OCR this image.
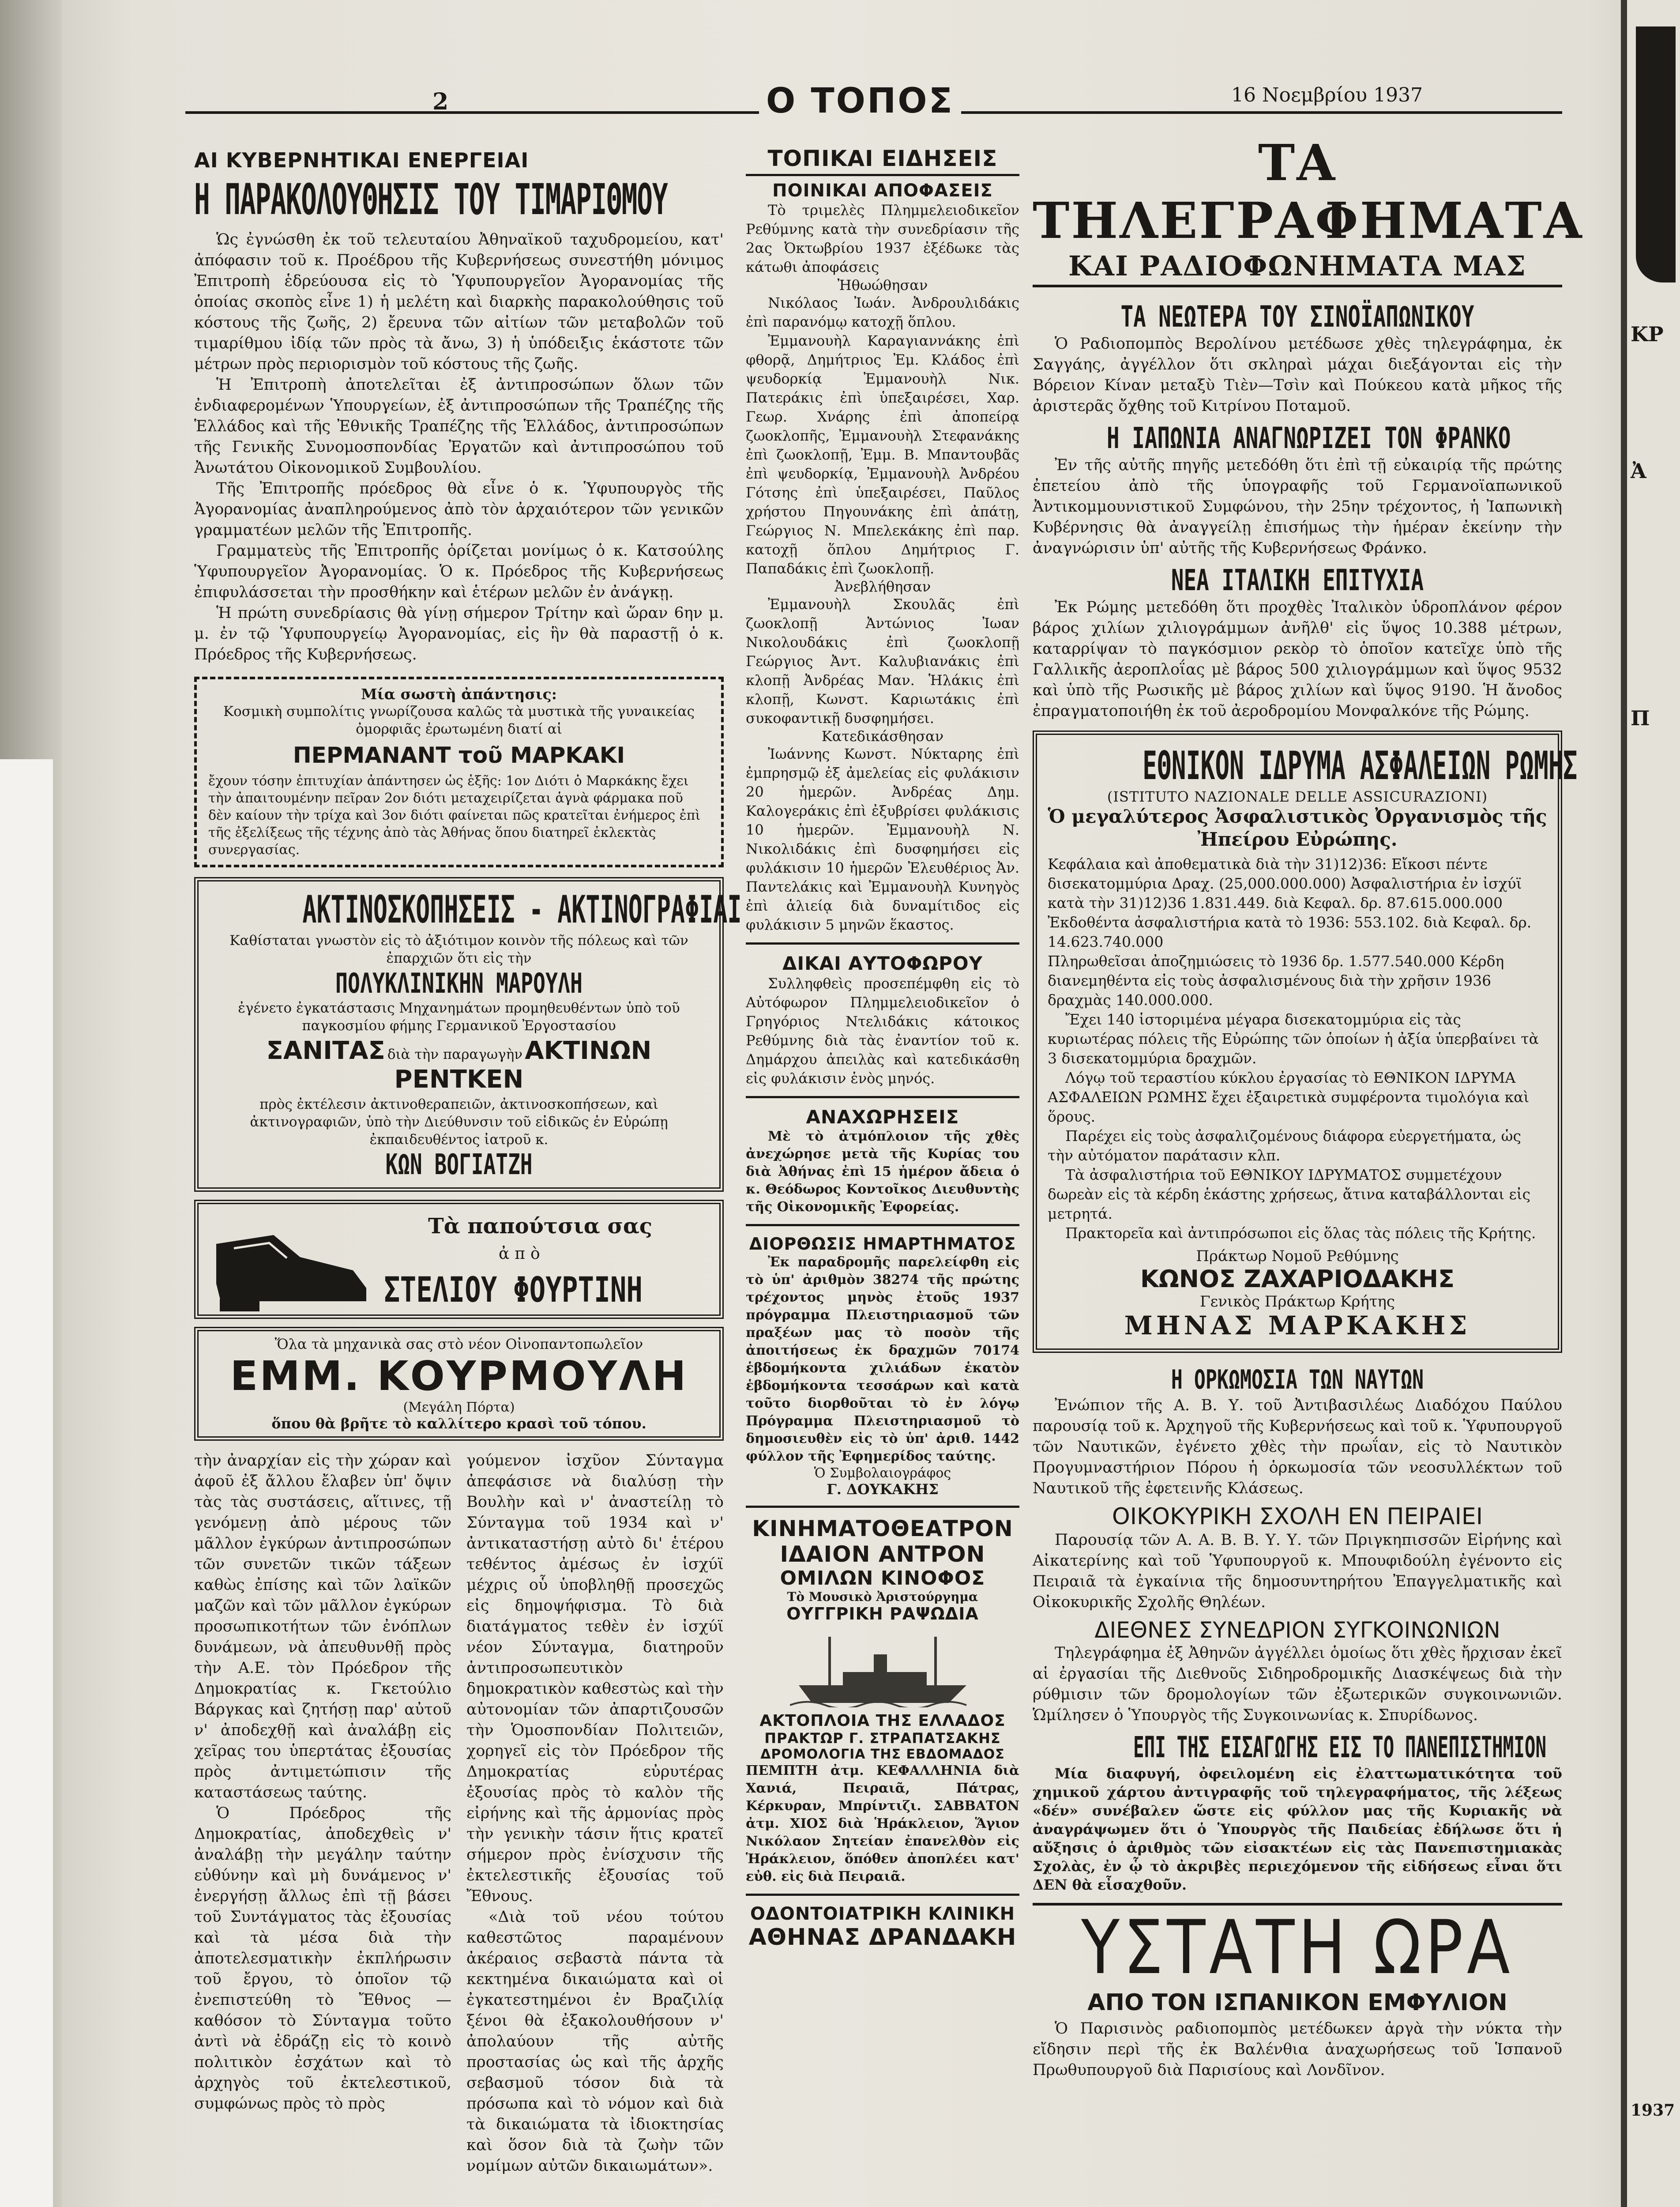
ΚΡ
Ἀ
Π
1937
2	Ο ΤΟΠΟΣ	16 Νοεμβρίου 1937
ΑΙ ΚΥΒΕΡΝΗΤΙΚΑΙ ΕΝΕΡΓΕΙΑΙ
Η ΠΑΡΑΚΟΛΟΥΘΗΣΙΣ ΤΟΥ ΤΙΜΑΡΙΘΜΟΥ

Ὡς ἐγνώσθη ἐκ τοῦ τελευταίου Ἀθηναϊκοῦ ταχυδρομείου, κατ' ἀπόφασιν τοῦ κ. Προέδρου τῆς Κυβερνήσεως συνεστήθη μόνιμος Ἐπιτροπὴ ἑδρεύουσα εἰς τὸ Ὑφυπουργεῖον Ἀγορανομίας τῆς ὁποίας σκοπὸς εἶνε 1) ἡ μελέτη καὶ διαρκὴς παρακολούθησις τοῦ κόστους τῆς ζωῆς, 2) ἔρευνα τῶν αἰτίων τῶν μεταβολῶν τοῦ τιμαρίθμου ἰδίᾳ τῶν πρὸς τὰ ἄνω, 3) ἡ ὑπόδειξις ἑκάστοτε τῶν μέτρων πρὸς περιορισμὸν τοῦ κόστους τῆς ζωῆς.

Ἡ Ἐπιτροπὴ ἀποτελεῖται ἐξ ἀντιπροσώπων ὅλων τῶν ἐνδιαφερομένων Ὑπουργείων, ἐξ ἀντιπροσώπων τῆς Τραπέζης τῆς Ἑλλάδος καὶ τῆς Ἐθνικῆς Τραπέζης τῆς Ἑλλάδος, ἀντιπροσώπων τῆς Γενικῆς Συνομοσπονδίας Ἐργατῶν καὶ ἀντιπροσώπου τοῦ Ἀνωτάτου Οἰκονομικοῦ Συμβουλίου.

Τῆς Ἐπιτροπῆς πρόεδρος θὰ εἶνε ὁ κ. Ὑφυπουργὸς τῆς Ἀγορανομίας ἀναπληρούμενος ἀπὸ τὸν ἀρχαιότερον τῶν γενικῶν γραμματέων μελῶν τῆς Ἐπιτροπῆς.

Γραμματεὺς τῆς Ἐπιτροπῆς ὁρίζεται μονίμως ὁ κ. Κατσούλης Ὑφυπουργεῖον Ἀγορανομίας. Ὁ κ. Πρόεδρος τῆς Κυβερνήσεως ἐπιφυλάσσεται τὴν προσθήκην καὶ ἑτέρων μελῶν ἐν ἀνάγκῃ.

Ἡ πρώτη συνεδρίασις θὰ γίνῃ σήμερον Τρίτην καὶ ὥραν 6ην μ. μ. ἐν τῷ Ὑφυπουργείῳ Ἀγορανομίας, εἰς ἣν θὰ παραστῇ ὁ κ. Πρόεδρος τῆς Κυβερνήσεως.

Μία σωστὴ ἀπάντησις:
Κοσμικὴ συμπολίτις γνωρίζουσα καλῶς τὰ μυστικὰ τῆς γυναικείας ὀμορφιᾶς ἐρωτωμένη διατί αἱ
ΠΕΡΜΑΝΑΝΤ τοῦ ΜΑΡΚΑΚΙ
ἔχουν τόσην ἐπιτυχίαν ἀπάντησεν ὡς ἑξῆς: 1ον Διότι ὁ Μαρκάκης ἔχει τὴν ἀπαιτουμένην πεῖραν 2ον διότι μεταχειρίζεται ἁγνὰ φάρμακα ποῦ δὲν καίουν τὴν τρίχα καὶ 3ον διότι φαίνεται πῶς κρατεῖται ἐνήμερος ἐπὶ τῆς ἐξελίξεως τῆς τέχνης ἀπὸ τὰς Ἀθήνας ὅπου διατηρεῖ ἐκλεκτὰς συνεργασίας.
ΑΚΤΙΝΟΣΚΟΠΗΣΕΙΣ - ΑΚΤΙΝΟΓΡΑΦΙΑΙ
Καθίσταται γνωστὸν εἰς τὸ ἀξιότιμον κοινὸν τῆς πόλεως καὶ τῶν ἐπαρχιῶν ὅτι εἰς τὴν
ΠΟΛΥΚΛΙΝΙΚΗΝ ΜΑΡΟΥΛΗ
ἐγένετο ἐγκατάστασις Μηχανημάτων προμηθευθέντων ὑπὸ τοῦ παγκοσμίου φήμης Γερμανικοῦ Ἐργοστασίου
ΣΑΝΙΤΑΣ διὰ τὴν παραγωγὴν ΑΚΤΙΝΩΝ ΡΕΝΤΚΕΝ
πρὸς ἐκτέλεσιν ἀκτινοθεραπειῶν, ἀκτινοσκοπήσεων, καὶ ἀκτινογραφιῶν, ὑπὸ τὴν Διεύθυνσιν τοῦ εἰδικῶς ἐν Εὐρώπῃ ἐκπαιδευθέντος ἰατροῦ κ.
ΚΩΝ ΒΟΓΙΑΤΖΗ
Τὰ παπούτσια σας
ἀπὸ
ΣΤΕΛΙΟΥ ΦΟΥΡΤΙΝΗ
Ὅλα τὰ μηχανικὰ σας στὸ νέον Οἰνοπαντοπωλεῖον
ΕΜΜ. ΚΟΥΡΜΟΥΛΗ
(Μεγάλη Πόρτα)
ὅπου θὰ βρῆτε τὸ καλλίτερο κρασὶ τοῦ τόπου.

τὴν ἀναρχίαν εἰς τὴν χώραν καὶ ἀφοῦ ἐξ ἄλλου ἔλαβεν ὑπ' ὄψιν τὰς τὰς συστάσεις, αἵτινες, τῇ γενόμενῃ ἀπὸ μέρους τῶν μᾶλλον ἐγκύρων ἀντιπροσώπων τῶν συνετῶν τικῶν τάξεων καθὼς ἐπίσης καὶ τῶν λαϊκῶν μαζῶν καὶ τῶν μᾶλλον ἐγκύρων προσωπικοτήτων τῶν ἐνόπλων δυνάμεων, νὰ ἀπευθυνθῇ πρὸς τὴν Α.Ε. τὸν Πρόεδρον τῆς Δημοκρατίας κ. Γκετούλιο Βάργκας καὶ ζητήσῃ παρ' αὐτοῦ ν' ἀποδεχθῇ καὶ ἀναλάβῃ εἰς χεῖρας του ὑπερτάτας ἐξουσίας πρὸς ἀντιμετώπισιν τῆς καταστάσεως ταύτης.

Ὁ Πρόεδρος τῆς Δημοκρατίας, ἀποδεχθεὶς ν' ἀναλάβῃ τὴν μεγάλην ταύτην εὐθύνην καὶ μὴ δυνάμενος ν' ἐνεργήσῃ ἄλλως ἐπὶ τῇ βάσει τοῦ Συντάγματος τὰς ἐξουσίας καὶ τὰ μέσα διὰ τὴν ἀποτελεσματικὴν ἐκπλήρωσιν τοῦ ἔργου, τὸ ὁποῖον τῷ ἐνεπιστεύθη τὸ Ἔθνος —καθόσον τὸ Σύνταγμα τοῦτο ἀντὶ νὰ ἐδράζῃ εἰς τὸ κοινὸ πολιτικὸν ἐσχάτων καὶ τὸ ἀρχηγὸς τοῦ ἐκτελεστικοῦ, συμφώνως πρὸς τὸ πρὸς

γούμενον ἰσχῦον Σύνταγμα ἀπεφάσισε νὰ διαλύσῃ τὴν Βουλὴν καὶ ν' ἀναστείλῃ τὸ Σύνταγμα τοῦ 1934 καὶ ν' ἀντικαταστήσῃ αὐτὸ δι' ἑτέρου τεθέντος ἀμέσως ἐν ἰσχύϊ μέχρις οὗ ὑποβληθῇ προσεχῶς εἰς δημοψήφισμα. Τὸ διὰ διατάγματος τεθὲν ἐν ἰσχύϊ νέον Σύνταγμα, διατηροῦν ἀντιπροσωπευτικὸν δημοκρατικὸν καθεστὼς καὶ τὴν αὐτονομίαν τῶν ἀπαρτιζουσῶν τὴν Ὁμοσπονδίαν Πολιτειῶν, χορηγεῖ εἰς τὸν Πρόεδρον τῆς Δημοκρατίας εὐρυτέρας ἐξουσίας πρὸς τὸ καλὸν τῆς εἰρήνης καὶ τῆς ἁρμονίας πρὸς τὴν γενικὴν τάσιν ἥτις κρατεῖ σήμερον πρὸς ἐνίσχυσιν τῆς ἐκτελεστικῆς ἐξουσίας τοῦ Ἔθνους.

«Διὰ τοῦ νέου τούτου καθεστῶτος παραμένουν ἀκέραιος σεβαστὰ πάντα τὰ κεκτημένα δικαιώματα καὶ οἱ ἐγκατεστημένοι ἐν Βραζιλίᾳ ξένοι θὰ ἐξακολουθήσουν ν' ἀπολαύουν τῆς αὐτῆς προστασίας ὡς καὶ τῆς ἀρχῆς σεβασμοῦ τόσον διὰ τὰ πρόσωπα καὶ τὸ νόμον καὶ διὰ τὰ δικαιώματα τὰ ἰδιοκτησίας καὶ ὅσον διὰ τὰ ζωὴν τῶν νομίμων αὐτῶν δικαιωμάτων».

ΤΟΠΙΚΑΙ ΕΙΔΗΣΕΙΣ
ΠΟΙΝΙΚΑΙ ΑΠΟΦΑΣΕΙΣ

Τὸ τριμελὲς Πλημμελειοδικεῖον Ρεθύμνης κατὰ τὴν συνεδρίασιν τῆς 2ας Ὀκτωβρίου 1937 ἐξέδωκε τὰς κάτωθι ἀποφάσεις

Ἠθωώθησαν

Νικόλαος Ἰωάν. Ἀνδρουλιδάκις ἐπὶ παρανόμῳ κατοχῇ ὅπλου.

Ἐμμανουὴλ Καραγιαννάκης ἐπὶ φθορᾷ, Δημήτριος Ἐμ. Κλάδος ἐπὶ ψευδορκίᾳ Ἐμμανουὴλ Νικ. Πατεράκις ἐπὶ ὑπεξαιρέσει, Χαρ. Γεωρ. Χνάρης ἐπὶ ἀποπείρᾳ ζωοκλοπῆς, Ἐμμανουὴλ Στεφανάκης ἐπὶ ζωοκλοπῇ, Ἐμμ. Β. Μπαντουβᾶς ἐπὶ ψευδορκίᾳ, Ἐμμανουὴλ Ἀνδρέου Γότσης ἐπὶ ὑπεξαιρέσει, Παῦλος χρήστου Πηγουνάκης ἐπὶ ἀπάτῃ, Γεώργιος Ν. Μπελεκάκης ἐπὶ παρ. κατοχῇ ὅπλου Δημήτριος Γ. Παπαδάκις ἐπὶ ζωοκλοπῇ.

Ἀνεβλήθησαν

Ἐμμανουὴλ Σκουλᾶς ἐπὶ ζωοκλοπῇ Ἀντώνιος Ἰωαν Νικολουδάκις ἐπὶ ζωοκλοπῇ Γεώργιος Ἀντ. Καλυβιανάκις ἐπὶ κλοπῇ Ἀνδρέας Μαν. Ἡλάκις ἐπὶ κλοπῇ, Κωνστ. Καριωτάκις ἐπὶ συκοφαντικῇ δυσφημήσει.

Κατεδικάσθησαν

Ἰωάννης Κωνστ. Νύκταρης ἐπὶ ἐμπρησμῷ ἐξ ἀμελείας εἰς φυλάκισιν 20 ἡμερῶν. Ἀνδρέας Δημ. Καλογεράκις ἐπὶ ἐξυβρίσει φυλάκισις 10 ἡμερῶν. Ἐμμανουὴλ Ν. Νικολιδάκις ἐπὶ δυσφημήσει εἰς φυλάκισιν 10 ἡμερῶν Ἐλευθέριος Ἀν. Παντελάκις καὶ Ἐμμανουὴλ Κυνηγὸς ἐπὶ ἁλιείᾳ διὰ δυναμίτιδος εἰς φυλάκισιν 5 μηνῶν ἕκαστος.

ΔΙΚΑΙ ΑΥΤΟΦΩΡΟΥ

Συλληφθεὶς προσεπέμφθη εἰς τὸ Αὐτόφωρον Πλημμελειοδικεῖον ὁ Γρηγόριος Ντελιδάκις κάτοικος Ρεθύμνης διὰ τὰς ἐναντίον τοῦ κ. Δημάρχου ἀπειλὰς καὶ κατεδικάσθη εἰς φυλάκισιν ἑνὸς μηνός.

ΑΝΑΧΩΡΗΣΕΙΣ

Μὲ τὸ ἀτμόπλοιον τῆς χθὲς ἀνεχώρησε μετὰ τῆς Κυρίας του διὰ Ἀθήνας ἐπὶ 15 ἡμέρον ἄδεια ὁ κ. Θεόδωρος Κοντοῖκος Διευθυντὴς τῆς Οἰκονομικῆς Ἐφορείας.

ΔΙΟΡΘΩΣΙΣ ΗΜΑΡΤΗΜΑΤΟΣ

Ἐκ παραδρομῆς παρελείφθη εἰς τὸ ὑπ' ἀριθμὸν 38274 τῆς πρώτης τρέχοντος μηνὸς ἐτοῦς 1937 πρόγραμμα Πλειστηριασμοῦ τῶν πραξέων μας τὸ ποσὸν τῆς ἀποιτήσεως ἐκ δραχμῶν 70174 ἑβδομήκοντα χιλιάδων ἑκατὸν ἑβδομήκοντα τεσσάρων καὶ κατὰ τοῦτο διορθοῦται τὸ ἐν λόγῳ Πρόγραμμα Πλειστηριασμοῦ τὸ δημοσιευθὲν εἰς τὸ ὑπ' ἀριθ. 1442 φύλλον τῆς Ἐφημερίδος ταύτης.

Ὁ Συμβολαιογράφος
Γ. ΔΟΥΚΑΚΗΣ
ΚΙΝΗΜΑΤΟΘΕΑΤΡΟΝ
ΙΔΑΙΟΝ ΑΝΤΡΟΝ
ΟΜΙΛΩΝ ΚΙΝΟΦΟΣ
Τὸ Μουσικὸ Ἀριστούργημα
ΟΥΓΓΡΙΚΗ ΡΑΨΩΔΙΑ
ΑΚΤΟΠΛΟΙΑ ΤΗΣ ΕΛΛΑΔΟΣ
ΠΡΑΚΤΩΡ Γ. ΣΤΡΑΠΑΤΣΑΚΗΣ
ΔΡΟΜΟΛΟΓΙΑ ΤΗΣ ΕΒΔΟΜΑΔΟΣ

ΠΕΜΠΤΗ ἀτμ. ΚΕΦΑΛΛΗΝΙΑ διὰ Χανιά, Πειραιᾶ, Πάτρας, Κέρκυραν, Μπρίντιζι. ΣΑΒΒΑΤΟΝ ἀτμ. ΧΙΟΣ διὰ Ἡράκλειον, Ἅγιον Νικόλαον Σητείαν ἐπανελθὸν εἰς Ἡράκλειον, ὅπόθεν ἀποπλέει κατ' εὐθ. εἰς διὰ Πειραιᾶ.

ΟΔΟΝΤΟΙΑΤΡΙΚΗ ΚΛΙΝΙΚΗ
ΑΘΗΝΑΣ ΔΡΑΝΔΑΚΗ
ΤΑ ΤΗΛΕΓΡΑΦΗΜΑΤΑ
ΚΑΙ ΡΑΔΙΟΦΩΝΗΜΑΤΑ ΜΑΣ
ΤΑ ΝΕΩΤΕΡΑ ΤΟΥ ΣΙΝΟΪΑΠΩΝΙΚΟΥ

Ὁ Ραδιοπομπὸς Βερολίνου μετέδωσε χθὲς τηλεγράφημα, ἐκ Σαγγάης, ἀγγέλλον ὅτι σκληραὶ μάχαι διεξάγονται εἰς τὴν Βόρειον Κίναν μεταξὺ Τιὲν—Τσὶν καὶ Πούκεου κατὰ μῆκος τῆς ἀριστερᾶς ὄχθης τοῦ Κιτρίνου Ποταμοῦ.

Η ΙΑΠΩΝΙΑ ΑΝΑΓΝΩΡΙΖΕΙ ΤΟΝ ΦΡΑΝΚΟ

Ἐν τῆς αὐτῆς πηγῆς μετεδόθη ὅτι ἐπὶ τῇ εὐκαιρίᾳ τῆς πρώτης ἐπετείου ἀπὸ τῆς ὑπογραφῆς τοῦ Γερμανοϊαπωνικοῦ Ἀντικομμουνιστικοῦ Συμφώνου, τὴν 25ην τρέχοντος, ἡ Ἰαπωνικὴ Κυβέρνησις θὰ ἀναγγείλῃ ἐπισήμως τὴν ἡμέραν ἐκείνην τὴν ἀναγνώρισιν ὑπ' αὐτῆς τῆς Κυβερνήσεως Φράνκο.

ΝΕΑ ΙΤΑΛΙΚΗ ΕΠΙΤΥΧΙΑ

Ἐκ Ρώμης μετεδόθη ὅτι προχθὲς Ἰταλικὸν ὑδροπλάνον φέρον βάρος χιλίων χιλιογράμμων ἀνῆλθ' εἰς ὕψος 10.388 μέτρων, καταρρίψαν τὸ παγκόσμιον ρεκὸρ τὸ ὁποῖον κατεῖχε ὑπὸ τῆς Γαλλικῆς ἀεροπλοΐας μὲ βάρος 500 χιλιογράμμων καὶ ὕψος 9532 καὶ ὑπὸ τῆς Ρωσικῆς μὲ βάρος χιλίων καὶ ὕψος 9190. Ἡ ἄνοδος ἐπραγματοποιήθη ἐκ τοῦ ἀεροδρομίου Μονφαλκόνε τῆς Ρώμης.

ΕΘΝΙΚΟΝ ΙΔΡΥΜΑ ΑΣΦΑΛΕΙΩΝ ΡΩΜΗΣ
(ISTITUTO NAZIONALE DELLE ASSICURAZIONI)
Ὁ μεγαλύτερος Ἀσφαλιστικὸς Ὀργανισμὸς τῆς Ἠπείρου Εὐρώπης.
Κεφάλαια καὶ ἀποθεματικὰ διὰ τὴν 31)12)36: Εἴκοσι πέντε δισεκατομμύρια Δραχ. (25,000.000.000) Ἀσφαλιστήρια ἐν ἰσχύϊ κατὰ τὴν 31)12)36 1.831.449. διὰ Κεφαλ. δρ. 87.615.000.000
Ἐκδοθέντα ἀσφαλιστήρια κατὰ τὸ 1936: 553.102. διὰ Κεφαλ. δρ. 14.623.740.000
Πληρωθεῖσαι ἀποζημιώσεις τὸ 1936 δρ. 1.577.540.000 Κέρδη διανεμηθέντα εἰς τοὺς ἀσφαλισμένους διὰ τὴν χρῆσιν 1936 δραχμὰς 140.000.000.
Ἔχει 140 ἱστοριμένα μέγαρα δισεκατομμύρια εἰς τὰς κυριωτέρας πόλεις τῆς Εὐρώπης τῶν ὁποίων ἡ ἀξία ὑπερβαίνει τὰ 3 δισεκατομμύρια δραχμῶν.
Λόγῳ τοῦ τεραστίου κύκλου ἐργασίας τὸ ΕΘΝΙΚΟΝ ΙΔΡΥΜΑ ΑΣΦΑΛΕΙΩΝ ΡΩΜΗΣ ἔχει ἐξαιρετικὰ συμφέροντα τιμολόγια καὶ ὅρους.
Παρέχει εἰς τοὺς ἀσφαλιζομένους διάφορα εὐεργετήματα, ὡς τὴν αὐτόματον παράτασιν κλπ.
Τὰ ἀσφαλιστήρια τοῦ ΕΘΝΙΚΟΥ ΙΔΡΥΜΑΤΟΣ συμμετέχουν δωρεὰν εἰς τὰ κέρδη ἑκάστης χρήσεως, ἄτινα καταβάλλονται εἰς μετρητά.
Πρακτορεῖα καὶ ἀντιπρόσωποι εἰς ὅλας τὰς πόλεις τῆς Κρήτης.
Πράκτωρ Νομοῦ Ρεθύμνης
ΚΩΝΟΣ ΖΑΧΑΡΙΟΔΑΚΗΣ
Γενικὸς Πράκτωρ Κρήτης
ΜΗΝΑΣ ΜΑΡΚΑΚΗΣ
Η ΟΡΚΩΜΟΣΙΑ ΤΩΝ ΝΑΥΤΩΝ

Ἐνώπιον τῆς Α. Β. Υ. τοῦ Ἀντιβασιλέως Διαδόχου Παύλου παρουσίᾳ τοῦ κ. Ἀρχηγοῦ τῆς Κυβερνήσεως καὶ τοῦ κ. Ὑφυπουργοῦ τῶν Ναυτικῶν, ἐγένετο χθὲς τὴν πρωΐαν, εἰς τὸ Ναυτικὸν Προγυμναστήριον Πόρου ἡ ὁρκωμοσία τῶν νεοσυλλέκτων τοῦ Ναυτικοῦ τῆς ἐφετεινῆς Κλάσεως.

ΟΙΚΟΚΥΡΙΚΗ ΣΧΟΛΗ ΕΝ ΠΕΙΡΑΙΕΙ

Παρουσίᾳ τῶν Α. Α. Β. Β. Υ. Υ. τῶν Πριγκηπισσῶν Εἰρήνης καὶ Αἰκατερίνης καὶ τοῦ Ὑφυπουργοῦ κ. Μπουφιδούλη ἐγένοντο εἰς Πειραιᾶ τὰ ἐγκαίνια τῆς δημοσυντηρήτου Ἐπαγγελματικῆς καὶ Οἰκοκυρικῆς Σχολῆς Θηλέων.

ΔΙΕΘΝΕΣ ΣΥΝΕΔΡΙΟΝ ΣΥΓΚΟΙΝΩΝΙΩΝ

Τηλεγράφημα ἐξ Ἀθηνῶν ἀγγέλλει ὁμοίως ὅτι χθὲς ἤρχισαν ἐκεῖ αἱ ἐργασίαι τῆς Διεθνοῦς Σιδηροδρομικῆς Διασκέψεως διὰ τὴν ρύθμισιν τῶν δρομολογίων τῶν ἐξωτερικῶν συγκοινωνιῶν. Ὡμίλησεν ὁ Ὑπουργὸς τῆς Συγκοινωνίας κ. Σπυρίδωνος.

ΕΠΙ ΤΗΣ ΕΙΣΑΓΩΓΗΣ ΕΙΣ ΤΟ ΠΑΝΕΠΙΣΤΗΜΙΟΝ

Μία διαφυγή, ὀφειλομένη εἰς ἐλαττωματικότητα τοῦ χημικοῦ χάρτου ἀντιγραφῆς τοῦ τηλεγραφήματος, τῆς λέξεως «δέν» συνέβαλεν ὥστε εἰς φύλλον μας τῆς Κυριακῆς νὰ ἀναγράψωμεν ὅτι ὁ Ὑπουργὸς τῆς Παιδείας ἐδήλωσε ὅτι ἡ αὔξησις ὁ ἀριθμὸς τῶν εἰσακτέων εἰς τὰς Πανεπιστημιακὰς Σχολὰς, ἐν ᾧ τὸ ἀκριβὲς περιεχόμενον τῆς εἰδήσεως εἶναι ὅτι ΔΕΝ θὰ εἶσαχθοῦν.

ΥΣΤΑΤΗ ΩΡΑ
ΑΠΟ ΤΟΝ ΙΣΠΑΝΙΚΟΝ ΕΜΦΥΛΙΟΝ

Ὁ Παρισινὸς ραδιοπομπὸς μετέδωκεν ἀργὰ τὴν νύκτα τὴν εἴδησιν περὶ τῆς ἐκ Βαλένθια ἀναχωρήσεως τοῦ Ἱσπανοῦ Πρωθυπουργοῦ διὰ Παρισίους καὶ Λονδῖνον.
